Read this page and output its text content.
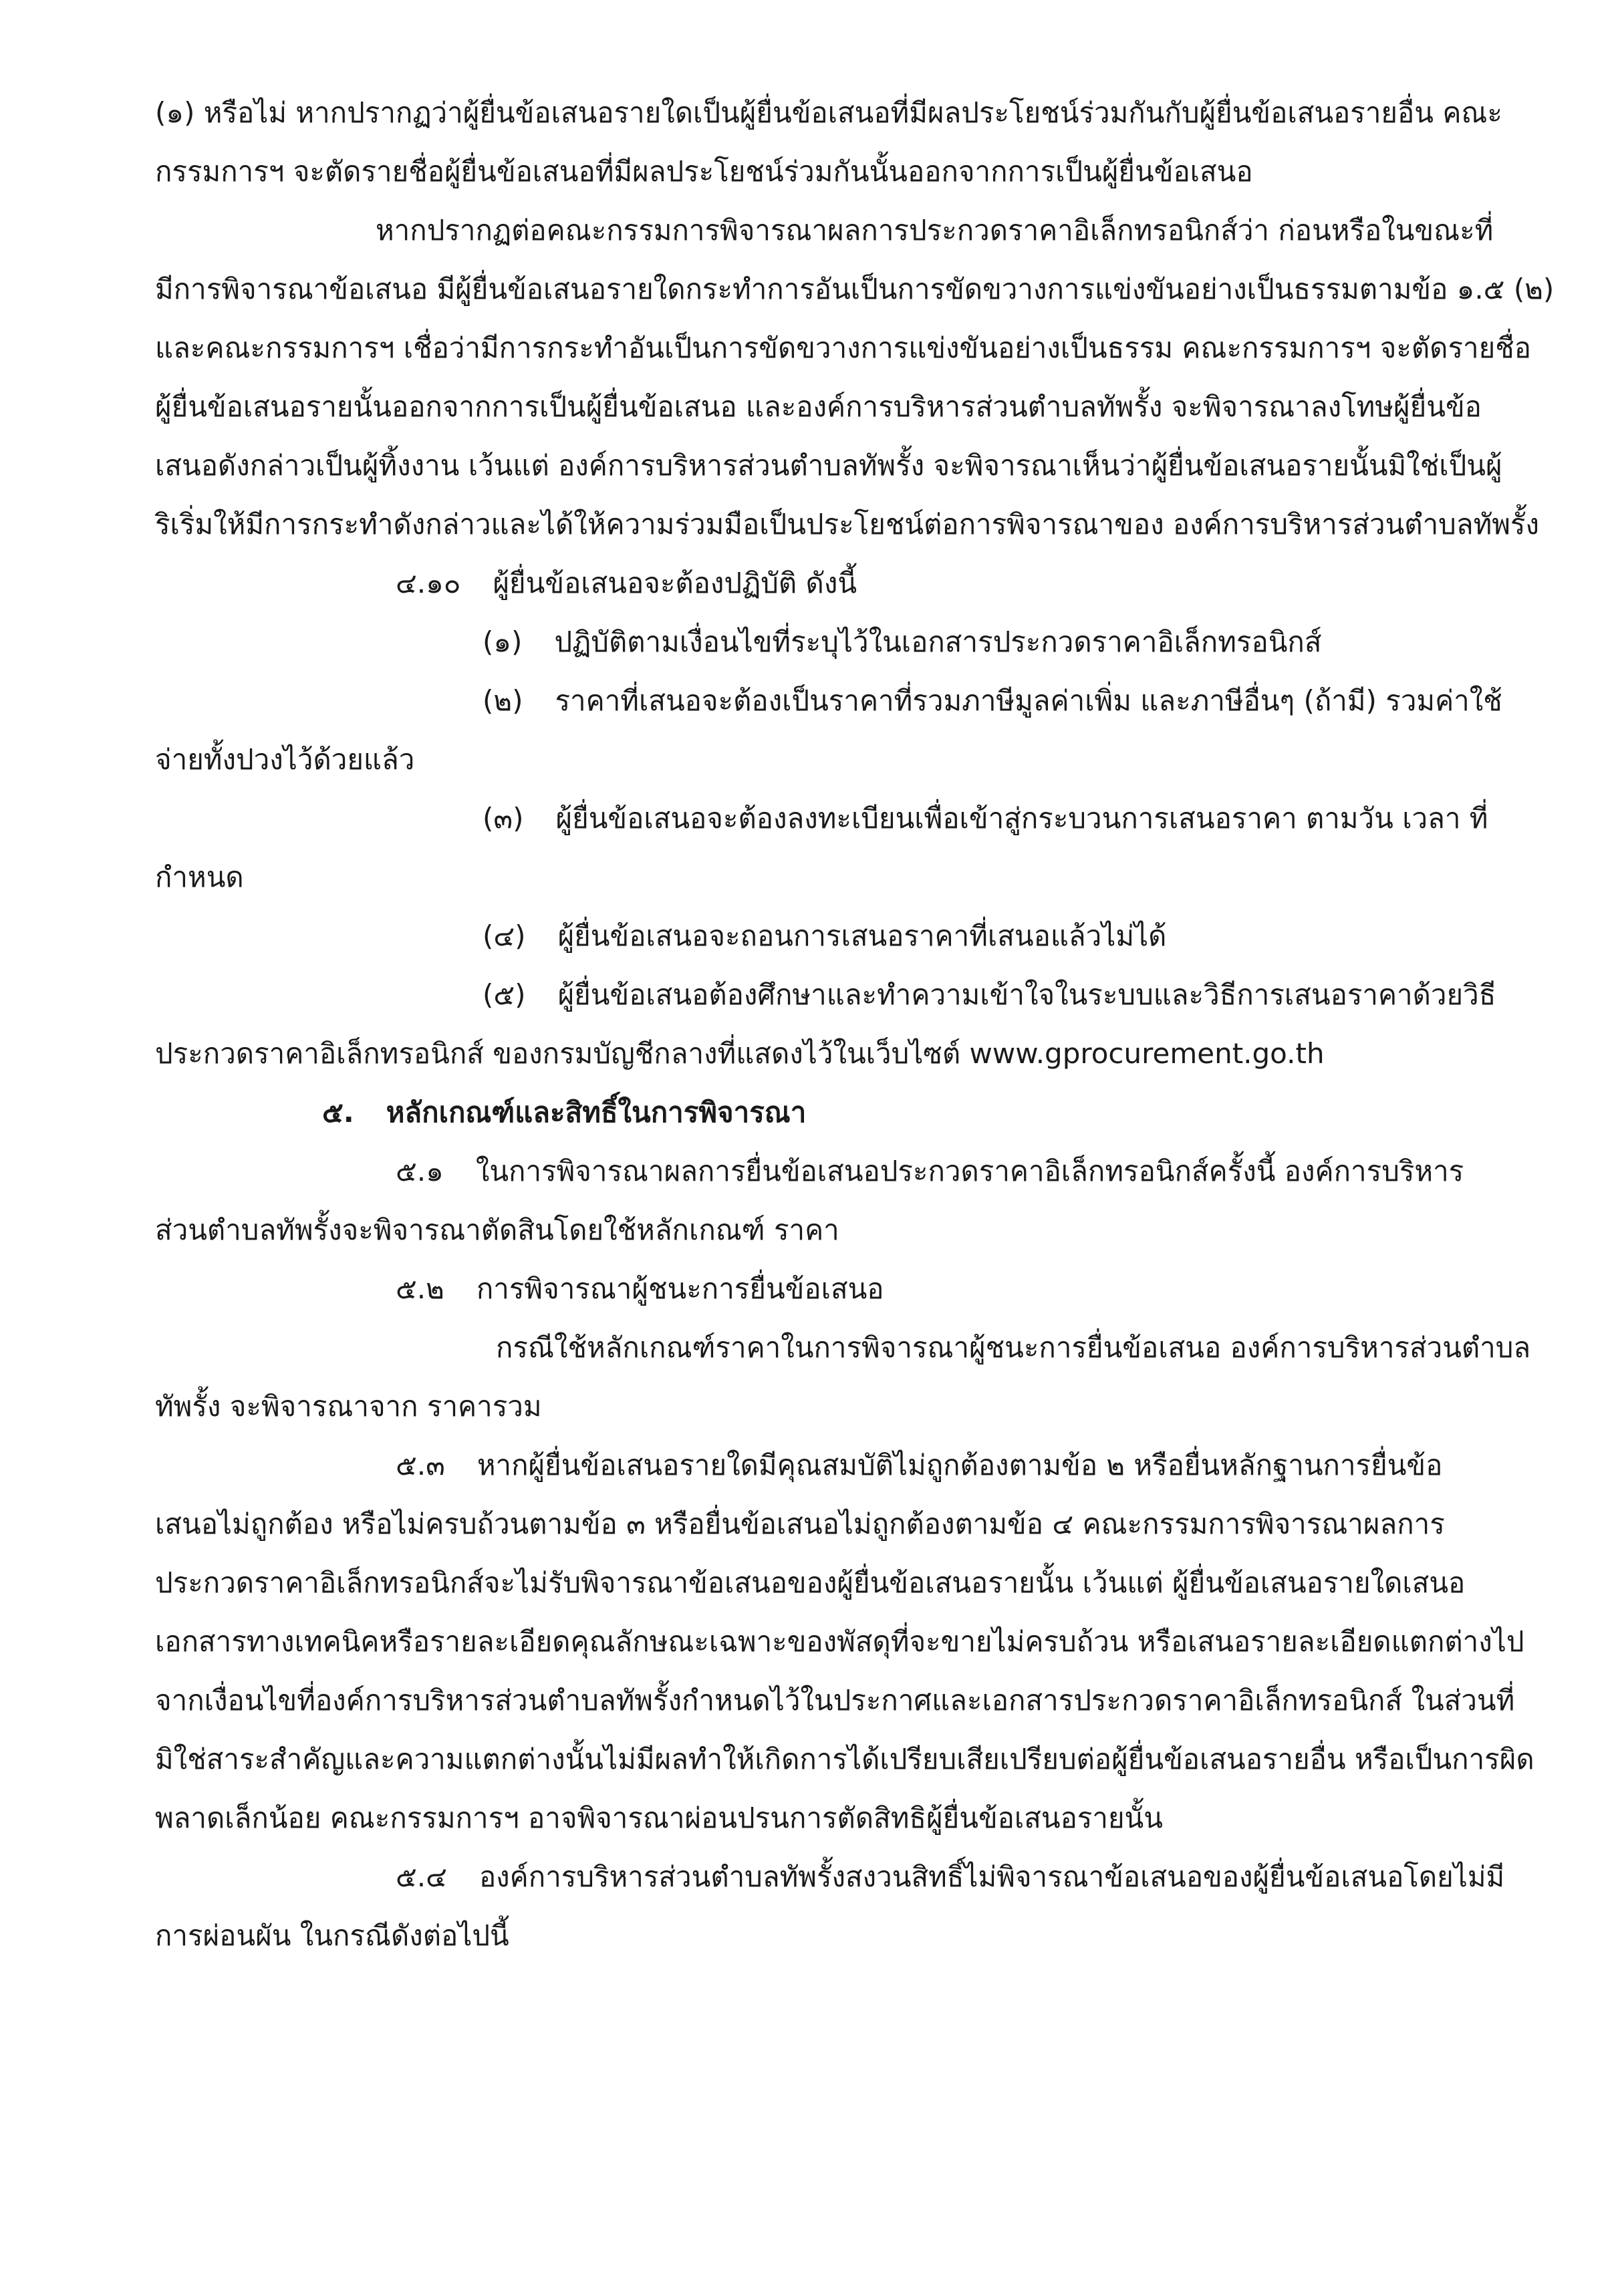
(๑) หรือไม่ หากปรากฏว่าผู้ยื่นข้อเสนอรายใดเป็นผู้ยื่นข้อเสนอที่มีผลประโยชน์ร่วมกันกับผู้ยื่นข้อเสนอรายอื่น คณะ
กรรมการฯ จะตัดรายชื่อผู้ยื่นข้อเสนอที่มีผลประโยชน์ร่วมกันนั้นออกจากการเป็นผู้ยื่นข้อเสนอ
หากปรากฏต่อคณะกรรมการพิจารณาผลการประกวดราคาอิเล็กทรอนิกส์ว่า ก่อนหรือในขณะที่
มีการพิจารณาข้อเสนอ มีผู้ยื่นข้อเสนอรายใดกระทำการอันเป็นการขัดขวางการแข่งขันอย่างเป็นธรรมตามข้อ ๑.๕ (๒)
และคณะกรรมการฯ เชื่อว่ามีการกระทำอันเป็นการขัดขวางการแข่งขันอย่างเป็นธรรม คณะกรรมการฯ จะตัดรายชื่อ
ผู้ยื่นข้อเสนอรายนั้นออกจากการเป็นผู้ยื่นข้อเสนอ และองค์การบริหารส่วนตำบลทัพรั้ง จะพิจารณาลงโทษผู้ยื่นข้อ
เสนอดังกล่าวเป็นผู้ทิ้งงาน เว้นแต่ องค์การบริหารส่วนตำบลทัพรั้ง จะพิจารณาเห็นว่าผู้ยื่นข้อเสนอรายนั้นมิใช่เป็นผู้
ริเริ่มให้มีการกระทำดังกล่าวและได้ให้ความร่วมมือเป็นประโยชน์ต่อการพิจารณาของ องค์การบริหารส่วนตำบลทัพรั้ง
๔.๑๐ ผู้ยื่นข้อเสนอจะต้องปฏิบัติ ดังนี้
(๑) ปฏิบัติตามเงื่อนไขที่ระบุไว้ในเอกสารประกวดราคาอิเล็กทรอนิกส์
(๒) ราคาที่เสนอจะต้องเป็นราคาที่รวมภาษีมูลค่าเพิ่ม และภาษีอื่นๆ (ถ้ามี) รวมค่าใช้
จ่ายทั้งปวงไว้ด้วยแล้ว
(๓) ผู้ยื่นข้อเสนอจะต้องลงทะเบียนเพื่อเข้าสู่กระบวนการเสนอราคา ตามวัน เวลา ที่
กำหนด
(๔) ผู้ยื่นข้อเสนอจะถอนการเสนอราคาที่เสนอแล้วไม่ได้
(๕) ผู้ยื่นข้อเสนอต้องศึกษาและทำความเข้าใจในระบบและวิธีการเสนอราคาด้วยวิธี
ประกวดราคาอิเล็กทรอนิกส์ ของกรมบัญชีกลางที่แสดงไว้ในเว็บไซต์ www.gprocurement.go.th
๕. หลักเกณฑ์และสิทธิ์ในการพิจารณา
๕.๑ ในการพิจารณาผลการยื่นข้อเสนอประกวดราคาอิเล็กทรอนิกส์ครั้งนี้ องค์การบริหาร
ส่วนตำบลทัพรั้งจะพิจารณาตัดสินโดยใช้หลักเกณฑ์ ราคา
๕.๒ การพิจารณาผู้ชนะการยื่นข้อเสนอ
กรณีใช้หลักเกณฑ์ราคาในการพิจารณาผู้ชนะการยื่นข้อเสนอ องค์การบริหารส่วนตำบล
ทัพรั้ง จะพิจารณาจาก ราคารวม
๕.๓ หากผู้ยื่นข้อเสนอรายใดมีคุณสมบัติไม่ถูกต้องตามข้อ ๒ หรือยื่นหลักฐานการยื่นข้อ
เสนอไม่ถูกต้อง หรือไม่ครบถ้วนตามข้อ ๓ หรือยื่นข้อเสนอไม่ถูกต้องตามข้อ ๔ คณะกรรมการพิจารณาผลการ
ประกวดราคาอิเล็กทรอนิกส์จะไม่รับพิจารณาข้อเสนอของผู้ยื่นข้อเสนอรายนั้น เว้นแต่ ผู้ยื่นข้อเสนอรายใดเสนอ
เอกสารทางเทคนิคหรือรายละเอียดคุณลักษณะเฉพาะของพัสดุที่จะขายไม่ครบถ้วน หรือเสนอรายละเอียดแตกต่างไป
จากเงื่อนไขที่องค์การบริหารส่วนตำบลทัพรั้งกำหนดไว้ในประกาศและเอกสารประกวดราคาอิเล็กทรอนิกส์ ในส่วนที่
มิใช่สาระสำคัญและความแตกต่างนั้นไม่มีผลทำให้เกิดการได้เปรียบเสียเปรียบต่อผู้ยื่นข้อเสนอรายอื่น หรือเป็นการผิด
พลาดเล็กน้อย คณะกรรมการฯ อาจพิจารณาผ่อนปรนการตัดสิทธิผู้ยื่นข้อเสนอรายนั้น
๕.๔ องค์การบริหารส่วนตำบลทัพรั้งสงวนสิทธิ์ไม่พิจารณาข้อเสนอของผู้ยื่นข้อเสนอโดยไม่มี
การผ่อนผัน ในกรณีดังต่อไปนี้
